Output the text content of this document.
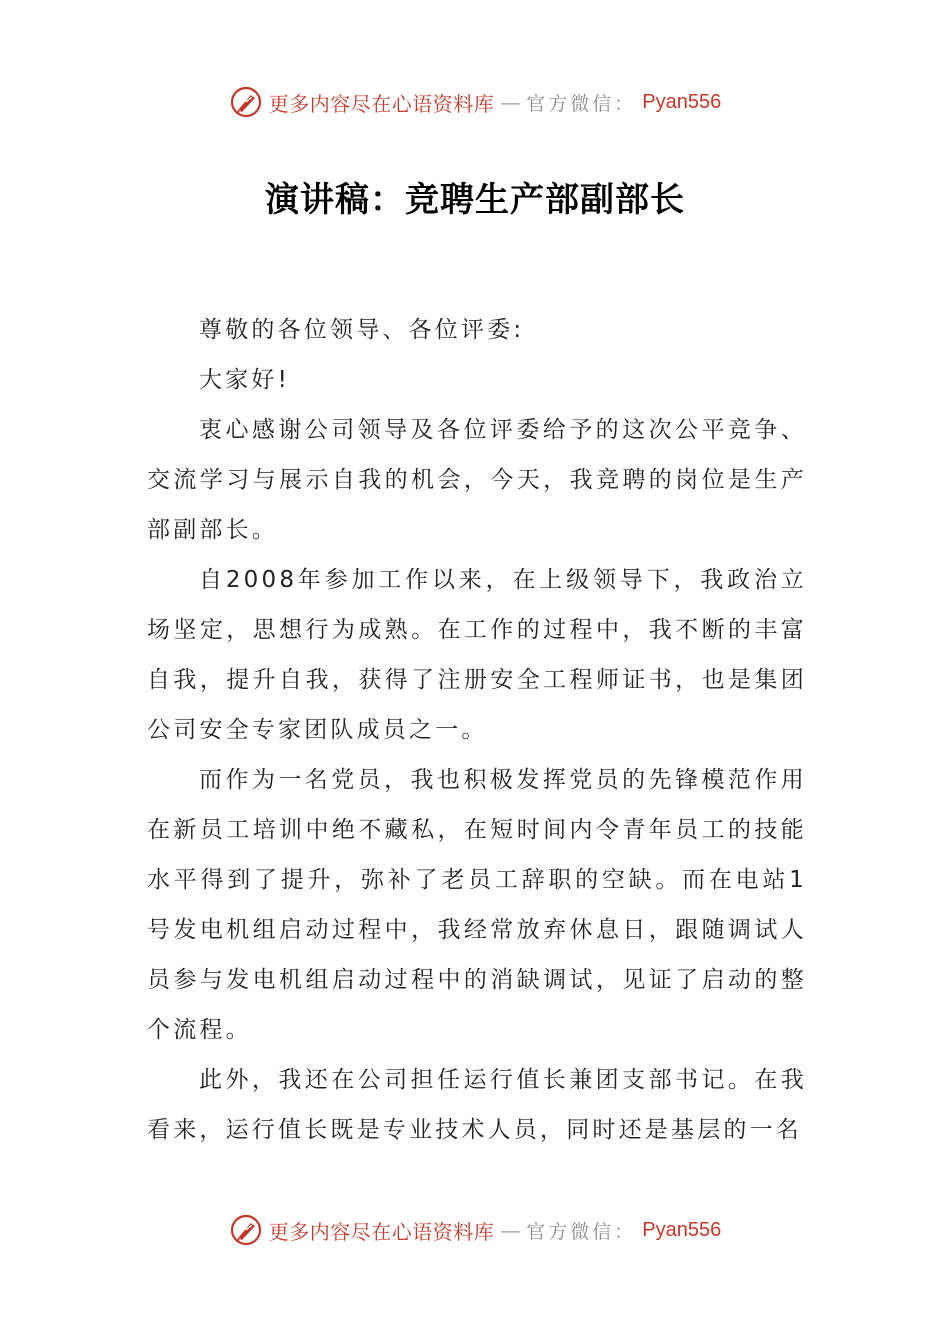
更多内容尽在心语资料库 — 官方微信： Pyan556
演讲稿：竞聘生产部副部长

尊敬的各位领导、各位评委:

大家好!

衷心感谢公司领导及各位评委给予的这次公平竞争、交流学习与展示自我的机会，今天，我竞聘的岗位是生产部副部长。

自2008年参加工作以来，在上级领导下，我政治立场坚定，思想行为成熟。在工作的过程中，我不断的丰富自我，提升自我，获得了注册安全工程师证书，也是集团公司安全专家团队成员之一。

而作为一名党员，我也积极发挥党员的先锋模范作用在新员工培训中绝不藏私，在短时间内令青年员工的技能水平得到了提升，弥补了老员工辞职的空缺。而在电站1号发电机组启动过程中，我经常放弃休息日，跟随调试人员参与发电机组启动过程中的消缺调试，见证了启动的整个流程。

此外，我还在公司担任运行值长兼团支部书记。在我看来，运行值长既是专业技术人员，同时还是基层的一名

更多内容尽在心语资料库 — 官方微信： Pyan556
